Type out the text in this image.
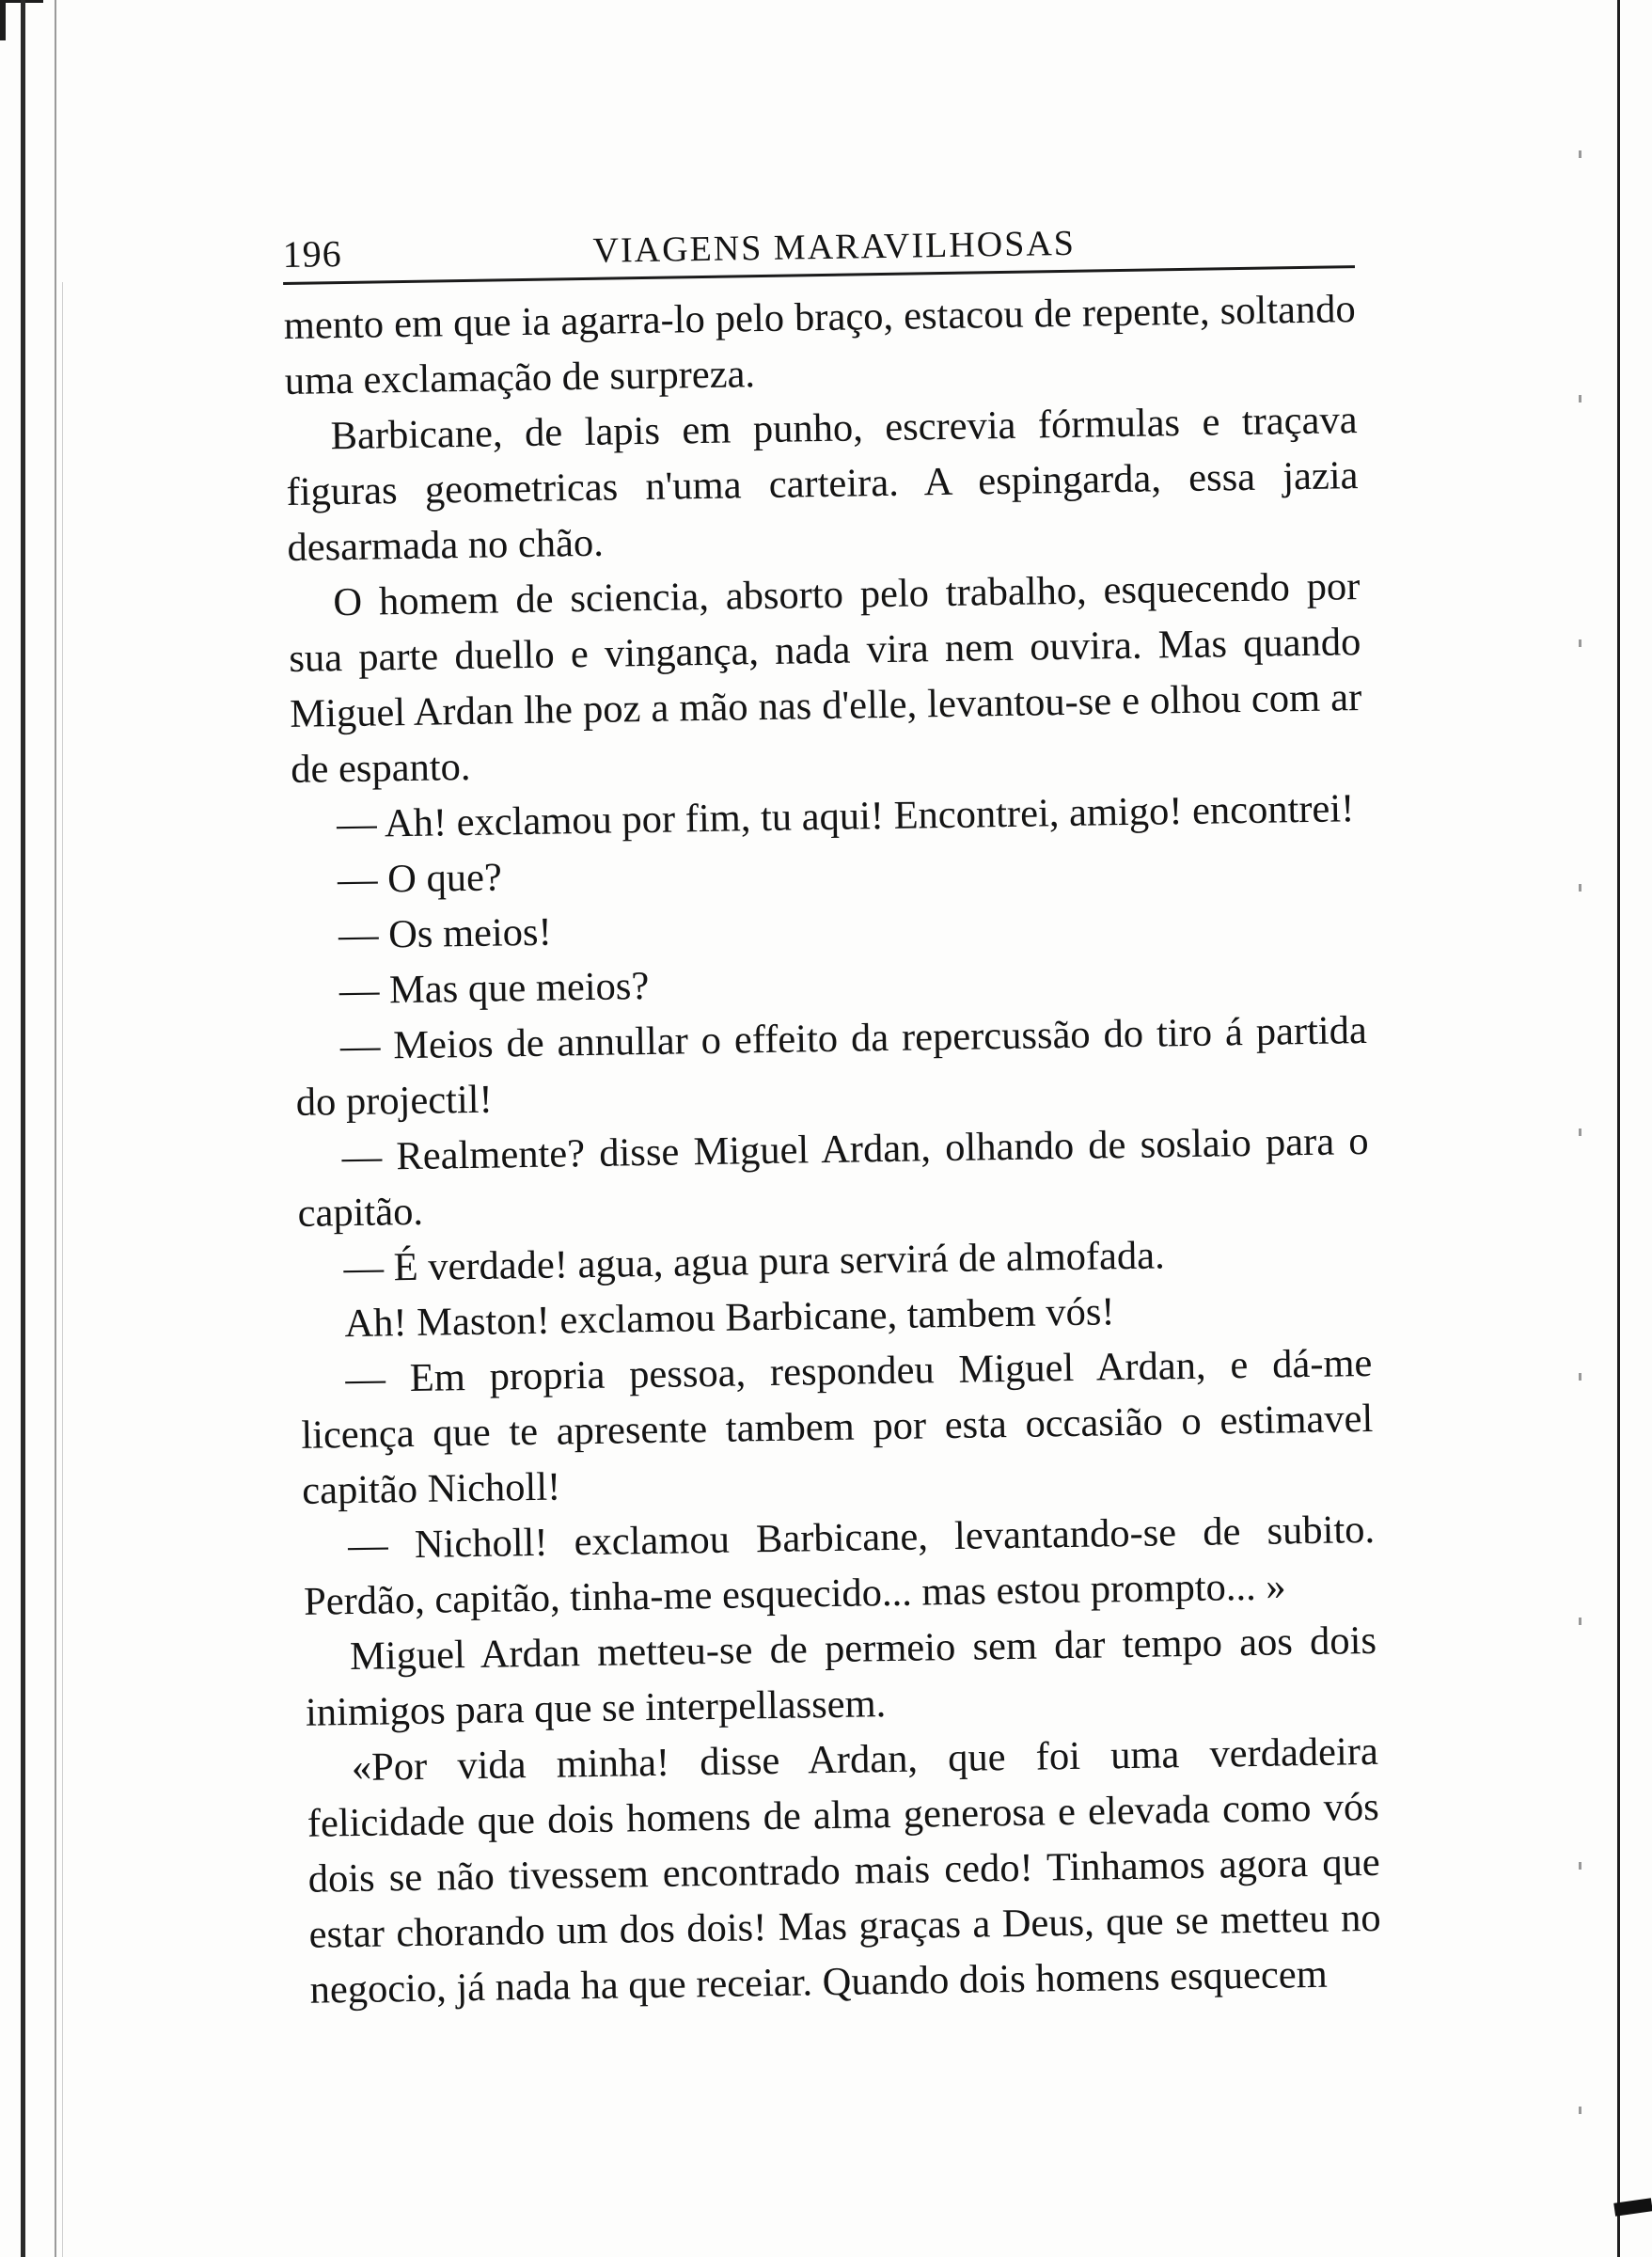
196	VIAGENS MARAVILHOSAS

mento em que ia agarra-lo pelo braço, estacou de repente, soltando uma exclamação de surpreza.

Barbicane, de lapis em punho, escrevia fórmulas e traçava figuras geometricas n'uma carteira. A espingarda, essa jazia desarmada no chão.

O homem de sciencia, absorto pelo trabalho, esquecendo por sua parte duello e vingança, nada vira nem ouvira. Mas quando Miguel Ardan lhe poz a mão nas d'elle, levantou-se e olhou com ar de espanto.

— Ah! exclamou por fim, tu aqui! Encontrei, amigo! encontrei!

— O que?

— Os meios!

— Mas que meios?

— Meios de annullar o effeito da repercussão do tiro á partida do projectil!

— Realmente? disse Miguel Ardan, olhando de soslaio para o capitão.

— É verdade! agua, agua pura servirá de almofada.

Ah! Maston! exclamou Barbicane, tambem vós!

— Em propria pessoa, respondeu Miguel Ardan, e dá-me licença que te apresente tambem por esta occasião o estimavel capitão Nicholl!

— Nicholl! exclamou Barbicane, levantando-se de subito. Perdão, capitão, tinha-me esquecido... mas estou prompto... »

Miguel Ardan metteu-se de permeio sem dar tempo aos dois inimigos para que se interpellassem.

«Por vida minha! disse Ardan, que foi uma verdadeira felicidade que dois homens de alma generosa e elevada como vós dois se não tivessem encontrado mais cedo! Tinhamos agora que estar chorando um dos dois! Mas graças a Deus, que se metteu no negocio, já nada ha que receiar. Quando dois homens esquecem
